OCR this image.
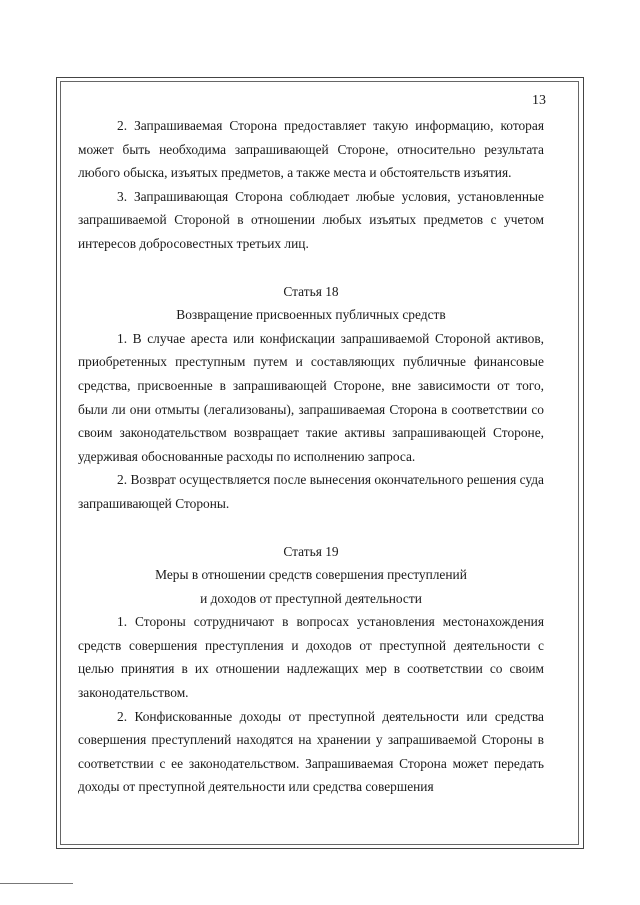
13

2. Запрашиваемая Сторона предоставляет такую информацию, которая может быть необходима запрашивающей Стороне, относительно результата любого обыска, изъятых предметов, а также места и обстоятельств изъятия.

3. Запрашивающая Сторона соблюдает любые условия, установленные запрашиваемой Стороной в отношении любых изъятых предметов с учетом интересов добросовестных третьих лиц.

Статья 18

Возвращение присвоенных публичных средств

1. В случае ареста или конфискации запрашиваемой Стороной активов, приобретенных преступным путем и составляющих публичные финансовые средства, присвоенные в запрашивающей Стороне, вне зависимости от того, были ли они отмыты (легализованы), запрашиваемая Сторона в соответствии со своим законодательством возвращает такие активы запрашивающей Стороне, удерживая обоснованные расходы по исполнению запроса.

2. Возврат осуществляется после вынесения окончательного решения суда запрашивающей Стороны.

Статья 19

Меры в отношении средств совершения преступлений

и доходов от преступной деятельности

1. Стороны сотрудничают в вопросах установления местонахождения средств совершения преступления и доходов от преступной деятельности с целью принятия в их отношении надлежащих мер в соответствии со своим законодательством.

2. Конфискованные доходы от преступной деятельности или средства совершения преступлений находятся на хранении у запрашиваемой Стороны в соответствии с ее законодательством. Запрашиваемая Сторона может передать доходы от преступной деятельности или средства совершения
